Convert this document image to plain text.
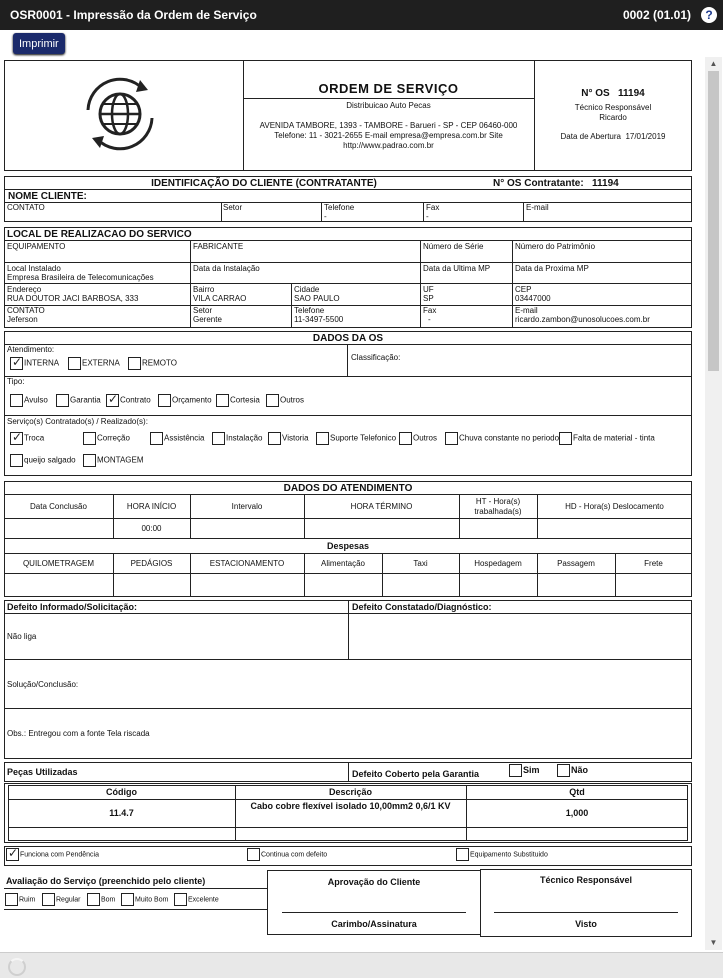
OSR0001 - Impressão da Ordem de Serviço	0002 (01.01)	?
Imprimir
ORDEM DE SERVIÇO
Distribuicao Auto Pecas
AVENIDA TAMBORE, 1393 - TAMBORE - Barueri - SP - CEP 06460-000
Telefone: 11 - 3021-2655 E-mail empresa@empresa.com.br Site
http://www.padrao.com.br
N° OS 11194
Técnico Responsável
Ricardo
Data de Abertura 17/01/2019
IDENTIFICAÇÃO DO CLIENTE (CONTRATANTE)	N° OS Contratante: 11194
NOME CLIENTE:
CONTATO	Setor	Telefone
-
Fax
-
E-mail
LOCAL DE REALIZACAO DO SERVICO
EQUIPAMENTO	FABRICANTE	Número de Série	Número do Patrimônio
Local Instalado
Empresa Brasileira de Telecomunicações
Data da Instalação	Data da Ultima MP	Data da Proxima MP
Endereço
RUA DOUTOR JACI BARBOSA, 333
Bairro
VILA CARRAO
Cidade
SAO PAULO
UF
SP
CEP
03447000
CONTATO
Jeferson
Setor
Gerente
Telefone
11-3497-5500
Fax
-
E-mail
ricardo.zambon@unosolucoes.com.br
DADOS DA OS
Atendimento:
Classificação:
✓INTERNA	EXTERNA	REMOTO
Tipo:
Avulso	Garantia
✓	Contrato	Orçamento	Cortesia	Outros
Serviço(s) Contratado(s) / Realizado(s):
✓Troca	Correção	Assistência	Instalação	Vistoria	Suporte Telefonico	Outros	Chuva constante no periodo	Falta de material - tinta
queijo salgado	MONTAGEM
DADOS DO ATENDIMENTO
Data Conclusão	HORA INÍCIO	Intervalo	HORA TÉRMINO
HT - Hora(s) trabalhada(s)
HD - Hora(s) Deslocamento
00:00
Despesas
QUILOMETRAGEM	PEDÁGIOS	ESTACIONAMENTO	Alimentação	Taxi	Hospedagem	Passagem	Frete
Defeito Informado/Solicitação:	Defeito Constatado/Diagnóstico:
Não liga
Solução/Conclusão:
Obs.: Entregou com a fonte Tela riscada
Peças Utilizadas	Defeito Coberto pela Garantia	Sim	Não
Código	Descrição	Qtd
11.4.7
Cabo cobre flexível isolado 10,00mm2 0,6/1 KV
1,000
✓Funciona com Pendência	Continua com defeito	Equipamento Substituido
Avaliação do Serviço (preenchido pelo cliente)
Ruim	Regular	Bom	Muito Bom	Excelente
Aprovação do Cliente
Carimbo/Assinatura
Técnico Responsável
Visto
▲
▼
